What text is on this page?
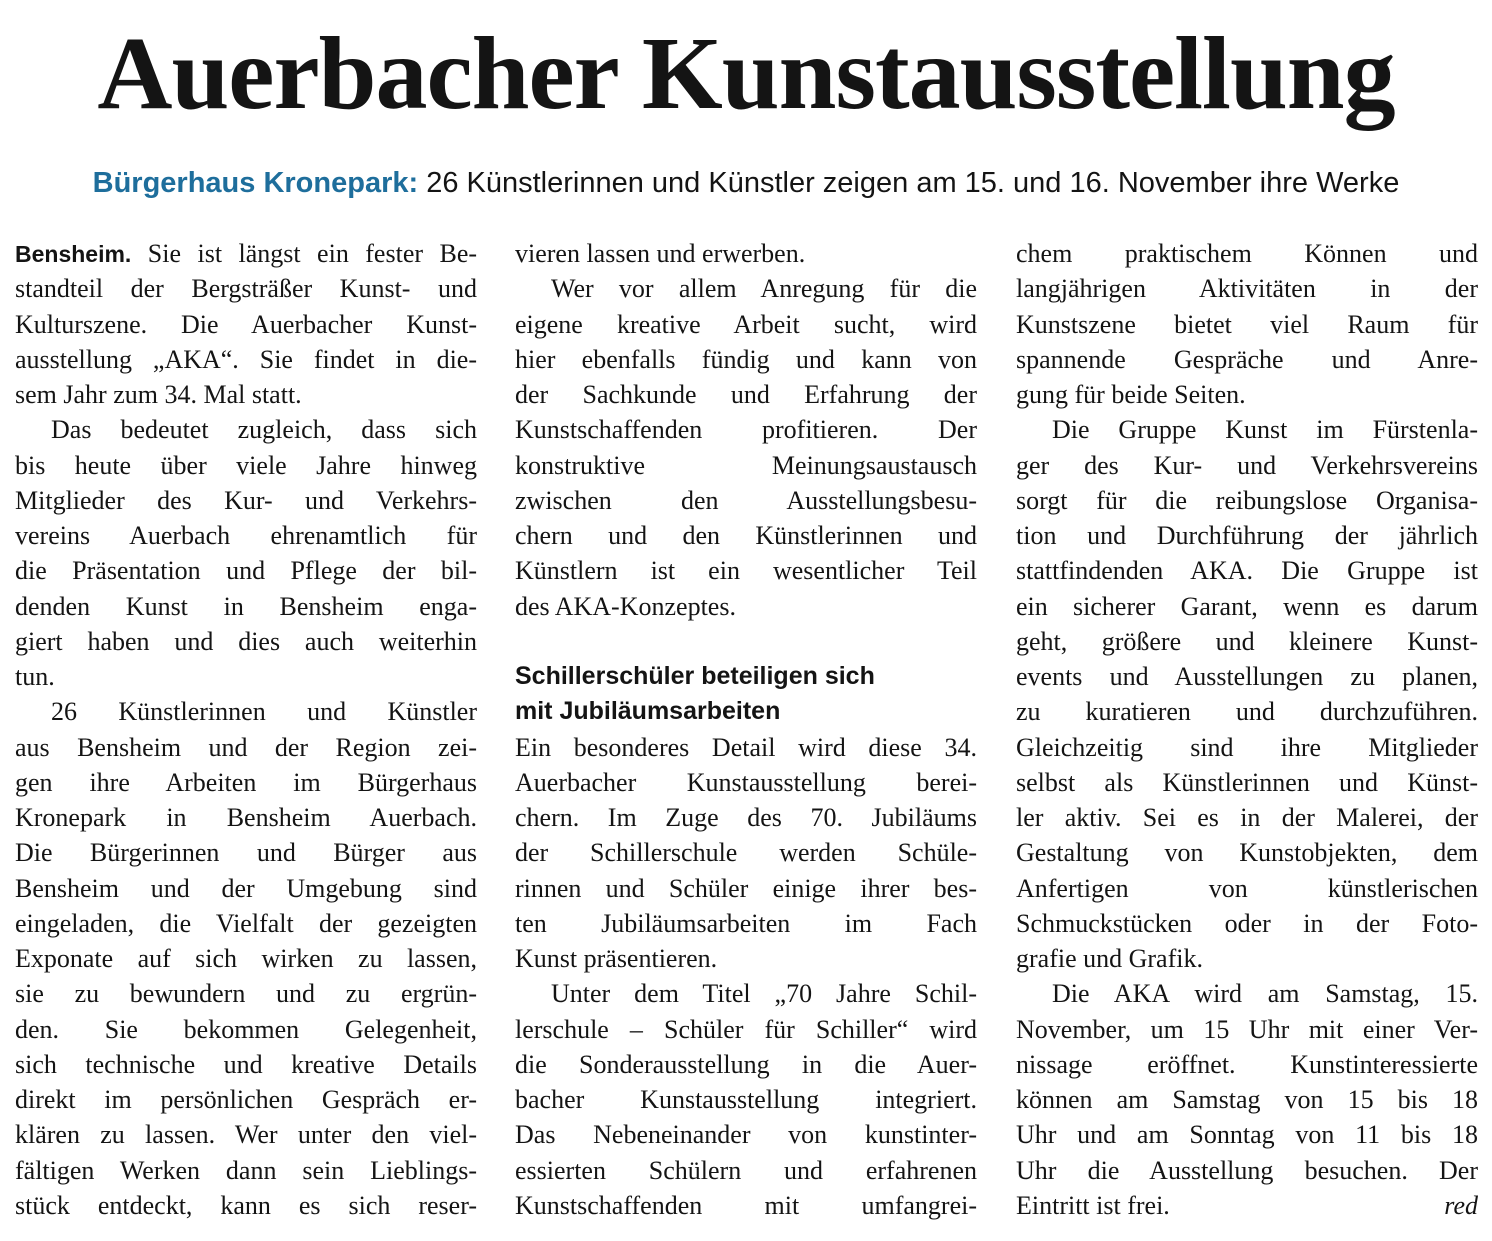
Auerbacher Kunstausstellung
Bürgerhaus Kronepark: 26 Künstlerinnen und Künstler zeigen am 15. und 16. November ihre Werke
Bensheim. Sie ist längst ein fester Be-
standteil der Bergsträßer Kunst- und
Kulturszene. Die Auerbacher Kunst-
ausstellung „AKA“. Sie findet in die-
sem Jahr zum 34. Mal statt.
Das bedeutet zugleich, dass sich
bis heute über viele Jahre hinweg
Mitglieder des Kur- und Verkehrs-
vereins Auerbach ehrenamtlich für
die Präsentation und Pflege der bil-
denden Kunst in Bensheim enga-
giert haben und dies auch weiterhin
tun.
26 Künstlerinnen und Künstler
aus Bensheim und der Region zei-
gen ihre Arbeiten im Bürgerhaus
Kronepark in Bensheim Auerbach.
Die Bürgerinnen und Bürger aus
Bensheim und der Umgebung sind
eingeladen, die Vielfalt der gezeigten
Exponate auf sich wirken zu lassen,
sie zu bewundern und zu ergrün-
den. Sie bekommen Gelegenheit,
sich technische und kreative Details
direkt im persönlichen Gespräch er-
klären zu lassen. Wer unter den viel-
fältigen Werken dann sein Lieblings-
stück entdeckt, kann es sich reser-
vieren lassen und erwerben.
Wer vor allem Anregung für die
eigene kreative Arbeit sucht, wird
hier ebenfalls fündig und kann von
der Sachkunde und Erfahrung der
Kunstschaffenden profitieren. Der
konstruktive Meinungsaustausch
zwischen den Ausstellungsbesu-
chern und den Künstlerinnen und
Künstlern ist ein wesentlicher Teil
des AKA-Konzeptes.
Schillerschüler beteiligen sich
mit Jubiläumsarbeiten
Ein besonderes Detail wird diese 34.
Auerbacher Kunstausstellung berei-
chern. Im Zuge des 70. Jubiläums
der Schillerschule werden Schüle-
rinnen und Schüler einige ihrer bes-
ten Jubiläumsarbeiten im Fach
Kunst präsentieren.
Unter dem Titel „70 Jahre Schil-
lerschule – Schüler für Schiller“ wird
die Sonderausstellung in die Auer-
bacher Kunstausstellung integriert.
Das Nebeneinander von kunstinter-
essierten Schülern und erfahrenen
Kunstschaffenden mit umfangrei-
chem praktischem Können und
langjährigen Aktivitäten in der
Kunstszene bietet viel Raum für
spannende Gespräche und Anre-
gung für beide Seiten.
Die Gruppe Kunst im Fürstenla-
ger des Kur- und Verkehrsvereins
sorgt für die reibungslose Organisa-
tion und Durchführung der jährlich
stattfindenden AKA. Die Gruppe ist
ein sicherer Garant, wenn es darum
geht, größere und kleinere Kunst-
events und Ausstellungen zu planen,
zu kuratieren und durchzuführen.
Gleichzeitig sind ihre Mitglieder
selbst als Künstlerinnen und Künst-
ler aktiv. Sei es in der Malerei, der
Gestaltung von Kunstobjekten, dem
Anfertigen von künstlerischen
Schmuckstücken oder in der Foto-
grafie und Grafik.
Die AKA wird am Samstag, 15.
November, um 15 Uhr mit einer Ver-
nissage eröffnet. Kunstinteressierte
können am Samstag von 15 bis 18
Uhr und am Sonntag von 11 bis 18
Uhr die Ausstellung besuchen. Der
Eintritt ist frei.	red
